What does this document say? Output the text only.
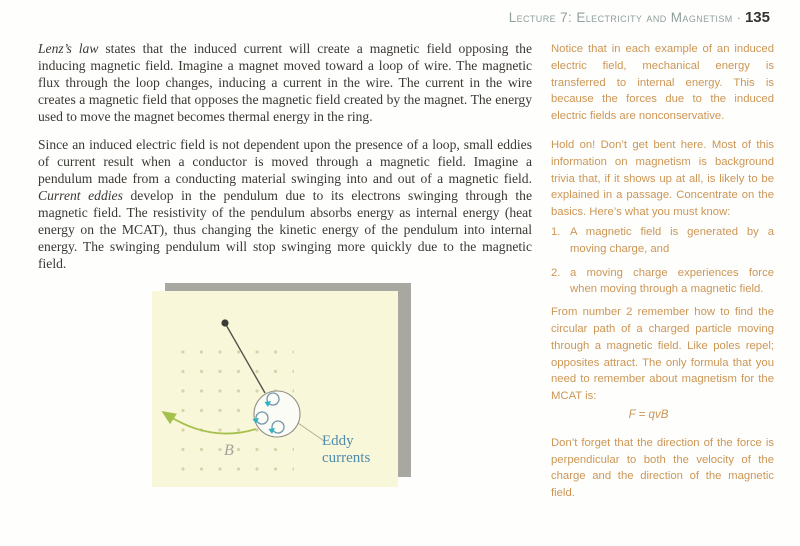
Lecture 7: Electricity and Magnetism · 135

Lenz’s law states that the induced current will create a magnetic field opposing the inducing magnetic field. Imagine a magnet moved toward a loop of wire. The magnetic flux through the loop changes, inducing a current in the wire. The current in the wire creates a magnetic field that opposes the magnetic field created by the magnet. The energy used to move the magnet becomes thermal energy in the ring.

Since an induced electric field is not dependent upon the presence of a loop, small eddies of current result when a conductor is moved through a magnetic field. Imagine a pendulum made from a conducting material swinging into and out of a magnetic field. Current eddies develop in the pendulum due to its electrons swinging through the magnetic field. The resistivity of the pendulum absorbs energy as internal energy (heat energy on the MCAT), thus changing the kinetic energy of the pendulum into internal energy. The swinging pendulum will stop swinging more quickly due to the magnetic field.

B
Eddy currents

Notice that in each example of an induced electric field, mechanical energy is transferred to internal energy. This is because the forces due to the induced electric fields are nonconservative.

Hold on! Don’t get bent here. Most of this information on magnetism is background trivia that, if it shows up at all, is likely to be explained in a passage. Concentrate on the basics. Here’s what you must know:

1. A magnetic field is generated by a moving charge, and
2. a moving charge experiences force when moving through a magnetic field.

From number 2 remember how to find the circular path of a charged particle moving through a magnetic field. Like poles repel; opposites attract. The only formula that you need to remember about magnetism for the MCAT is:

F = qvB

Don’t forget that the direction of the force is perpendicular to both the velocity of the charge and the direction of the magnetic field.
